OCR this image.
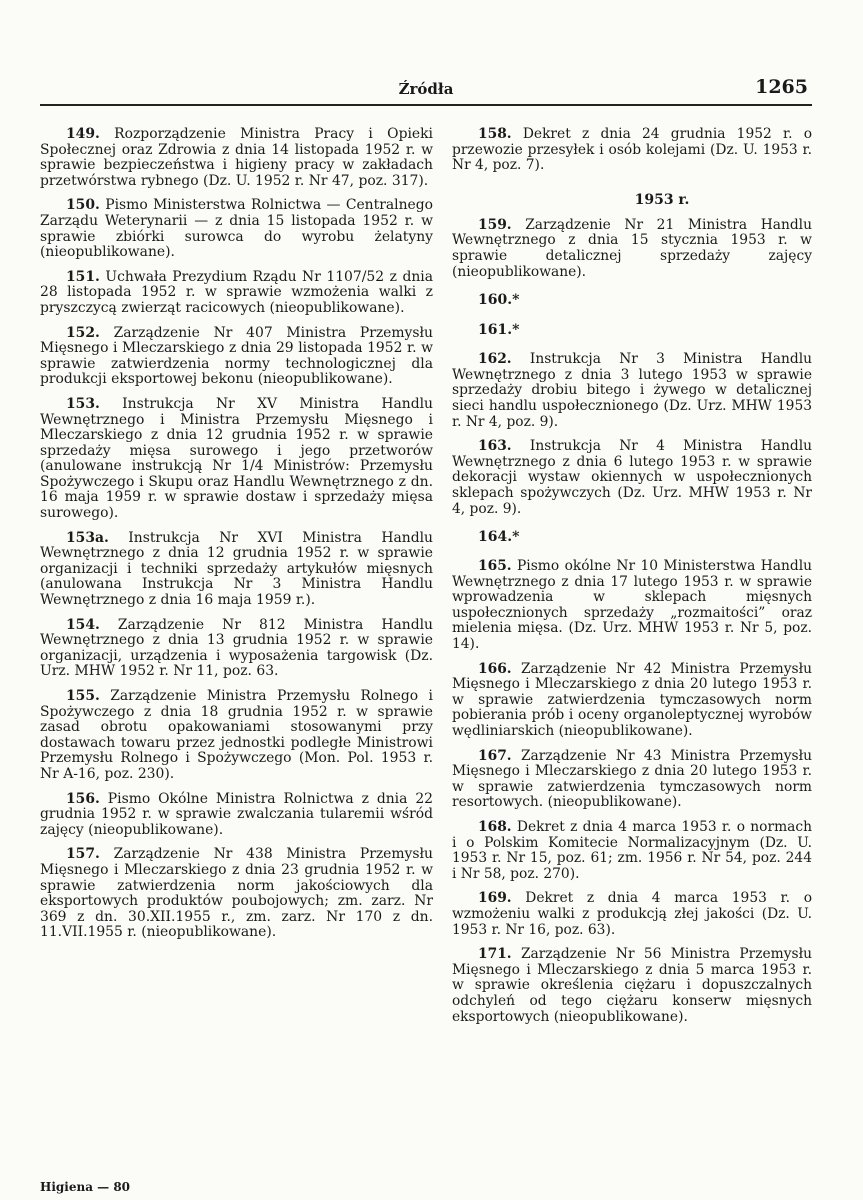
Źródła	1265

149. Rozporządzenie Ministra Pracy i Opieki Społecznej oraz Zdrowia z dnia 14 listopada 1952 r. w sprawie bezpieczeństwa i higieny pracy w zakładach przetwórstwa rybnego (Dz. U. 1952 r. Nr 47, poz. 317).

150. Pismo Ministerstwa Rolnictwa — Centralnego Zarządu Weterynarii — z dnia 15 listopada 1952 r. w sprawie zbiórki surowca do wyrobu żelatyny (nieopublikowane).

151. Uchwała Prezydium Rządu Nr 1107/52 z dnia 28 listopada 1952 r. w sprawie wzmożenia walki z pryszczycą zwierząt racicowych (nieopublikowane).

152. Zarządzenie Nr 407 Ministra Przemysłu Mięsnego i Mleczarskiego z dnia 29 listopada 1952 r. w sprawie zatwierdzenia normy technologicznej dla produkcji eksportowej bekonu (nieopublikowane).

153. Instrukcja Nr XV Ministra Handlu Wewnętrznego i Ministra Przemysłu Mięsnego i Mleczarskiego z dnia 12 grudnia 1952 r. w sprawie sprzedaży mięsa surowego i jego przetworów (anulowane instrukcją Nr 1/4 Ministrów: Przemysłu Spożywczego i Skupu oraz Handlu Wewnętrznego z dn. 16 maja 1959 r. w sprawie dostaw i sprzedaży mięsa surowego).

153a. Instrukcja Nr XVI Ministra Handlu Wewnętrznego z dnia 12 grudnia 1952 r. w sprawie organizacji i techniki sprzedaży artykułów mięsnych (anulowana Instrukcja Nr 3 Ministra Handlu Wewnętrznego z dnia 16 maja 1959 r.).

154. Zarządzenie Nr 812 Ministra Handlu Wewnętrznego z dnia 13 grudnia 1952 r. w sprawie organizacji, urządzenia i wyposażenia targowisk (Dz. Urz. MHW 1952 r. Nr 11, poz. 63.

155. Zarządzenie Ministra Przemysłu Rolnego i Spożywczego z dnia 18 grudnia 1952 r. w sprawie zasad obrotu opakowaniami stosowanymi przy dostawach towaru przez jednostki podległe Ministrowi Przemysłu Rolnego i Spożywczego (Mon. Pol. 1953 r. Nr A-16, poz. 230).

156. Pismo Okólne Ministra Rolnictwa z dnia 22 grudnia 1952 r. w sprawie zwalczania tularemii wśród zajęcy (nieopublikowane).

157. Zarządzenie Nr 438 Ministra Przemysłu Mięsnego i Mleczarskiego z dnia 23 grudnia 1952 r. w sprawie zatwierdzenia norm jakościowych dla eksportowych produktów poubojowych; zm. zarz. Nr 369 z dn. 30.XII.1955 r., zm. zarz. Nr 170 z dn. 11.VII.1955 r. (nieopublikowane).

158. Dekret z dnia 24 grudnia 1952 r. o przewozie przesyłek i osób kolejami (Dz. U. 1953 r. Nr 4, poz. 7).

1953 r.

159. Zarządzenie Nr 21 Ministra Handlu Wewnętrznego z dnia 15 stycznia 1953 r. w sprawie detalicznej sprzedaży zajęcy (nieopublikowane).

160.*
161.*

162. Instrukcja Nr 3 Ministra Handlu Wewnętrznego z dnia 3 lutego 1953 w sprawie sprzedaży drobiu bitego i żywego w detalicznej sieci handlu uspołecznionego (Dz. Urz. MHW 1953 r. Nr 4, poz. 9).

163. Instrukcja Nr 4 Ministra Handlu Wewnętrznego z dnia 6 lutego 1953 r. w sprawie dekoracji wystaw okiennych w uspołecznionych sklepach spożywczych (Dz. Urz. MHW 1953 r. Nr 4, poz. 9).

164.*

165. Pismo okólne Nr 10 Ministerstwa Handlu Wewnętrznego z dnia 17 lutego 1953 r. w sprawie wprowadzenia w sklepach mięsnych uspołecznionych sprzedaży „rozmaitości” oraz mielenia mięsa. (Dz. Urz. MHW 1953 r. Nr 5, poz. 14).

166. Zarządzenie Nr 42 Ministra Przemysłu Mięsnego i Mleczarskiego z dnia 20 lutego 1953 r. w sprawie zatwierdzenia tymczasowych norm pobierania prób i oceny organoleptycznej wyrobów wędliniarskich (nieopublikowane).

167. Zarządzenie Nr 43 Ministra Przemysłu Mięsnego i Mleczarskiego z dnia 20 lutego 1953 r. w sprawie zatwierdzenia tymczasowych norm resortowych. (nieopublikowane).

168. Dekret z dnia 4 marca 1953 r. o normach i o Polskim Komitecie Normalizacyjnym (Dz. U. 1953 r. Nr 15, poz. 61; zm. 1956 r. Nr 54, poz. 244 i Nr 58, poz. 270).

169. Dekret z dnia 4 marca 1953 r. o wzmożeniu walki z produkcją złej jakości (Dz. U. 1953 r. Nr 16, poz. 63).

171. Zarządzenie Nr 56 Ministra Przemysłu Mięsnego i Mleczarskiego z dnia 5 marca 1953 r. w sprawie określenia ciężaru i dopuszczalnych odchyleń od tego ciężaru konserw mięsnych eksportowych (nieopublikowane).

Higiena — 80
